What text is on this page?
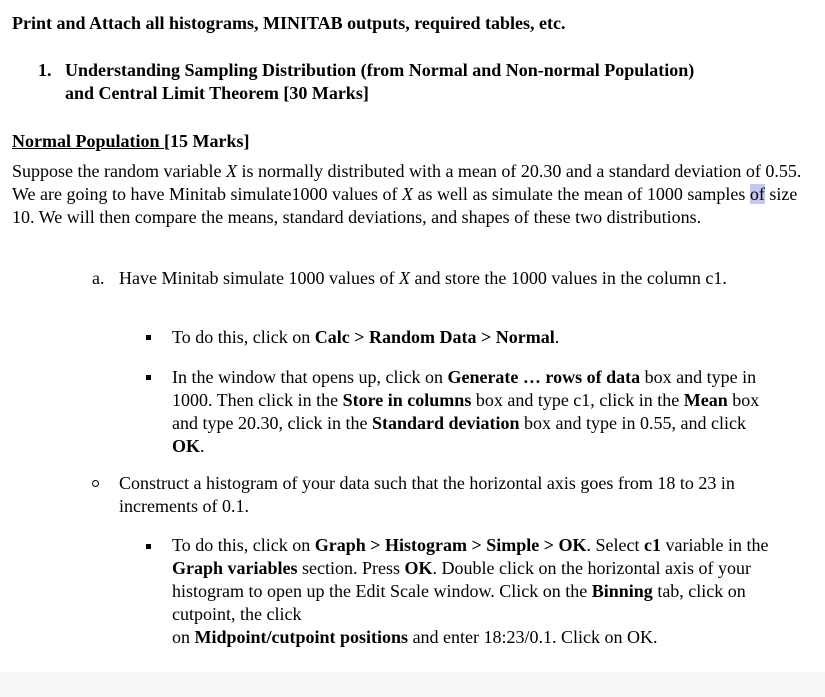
Print and Attach all histograms, MINITAB outputs, required tables, etc.
1. Understanding Sampling Distribution (from Normal and Non-normal Population)
and Central Limit Theorem [30 Marks]
Normal Population [15 Marks]
Suppose the random variable X is normally distributed with a mean of 20.30 and a standard deviation of 0.55. We are going to have Minitab simulate1000 values of X as well as simulate the mean of 1000 samples of size 10. We will then compare the means, standard deviations, and shapes of these two distributions.
a. Have Minitab simulate 1000 values of X and store the 1000 values in the column c1.
To do this, click on Calc > Random Data > Normal.
In the window that opens up, click on Generate … rows of data box and type in 1000. Then click in the Store in columns box and type c1, click in the Mean box and type 20.30, click in the Standard deviation box and type in 0.55, and click OK.
Construct a histogram of your data such that the horizontal axis goes from 18 to 23 in increments of 0.1.
To do this, click on Graph > Histogram > Simple > OK. Select c1 variable in the Graph variables section. Press OK. Double click on the horizontal axis of your histogram to open up the Edit Scale window. Click on the Binning tab, click on cutpoint, the click
on Midpoint/cutpoint positions and enter 18:23/0.1. Click on OK.
